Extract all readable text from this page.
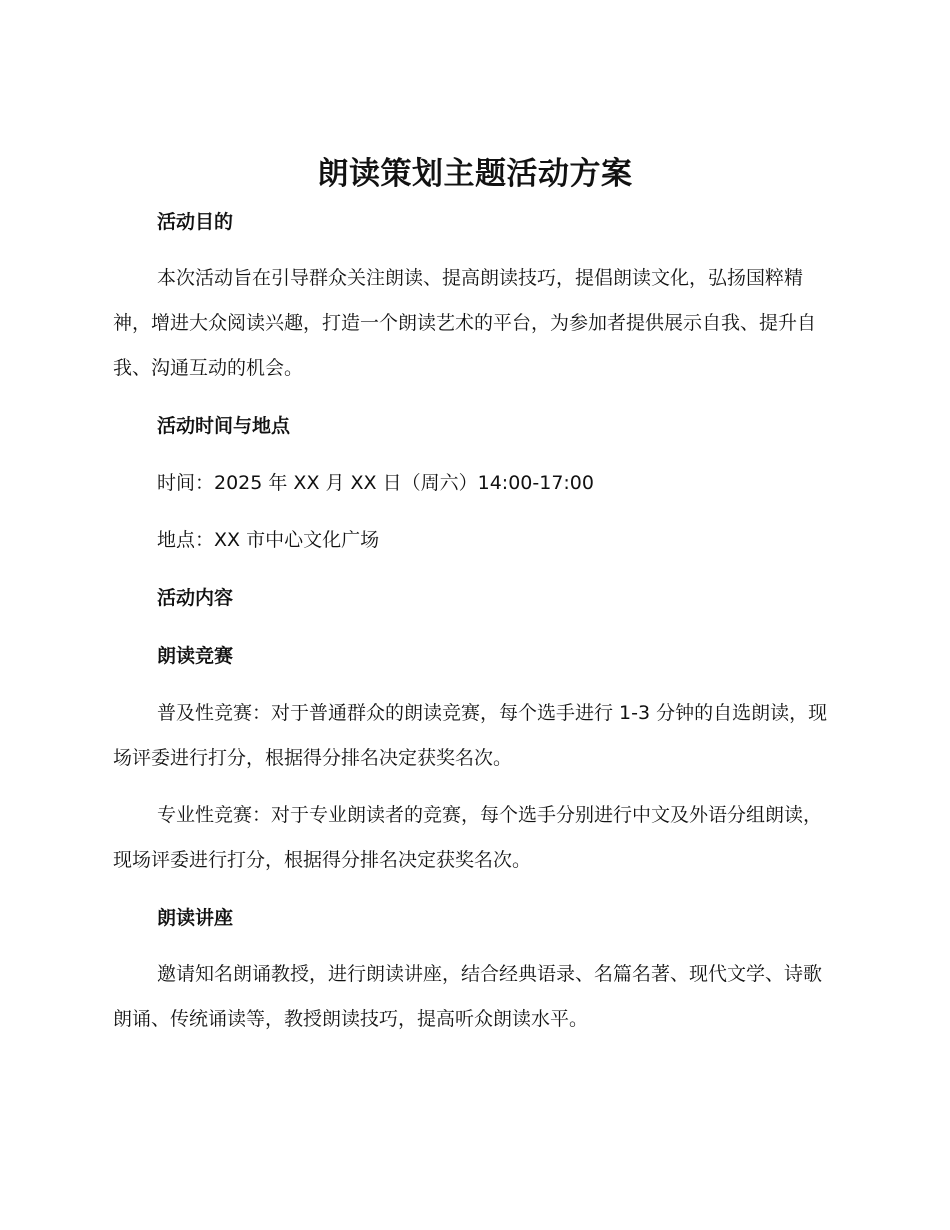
朗读策划主题活动方案
活动目的
本次活动旨在引导群众关注朗读、提高朗读技巧，提倡朗读文化，弘扬国粹精神，增进大众阅读兴趣，打造一个朗读艺术的平台，为参加者提供展示自我、提升自我、沟通互动的机会。
活动时间与地点
时间：2025 年 XX 月 XX 日（周六）14:00-17:00
地点：XX 市中心文化广场
活动内容
朗读竞赛
普及性竞赛：对于普通群众的朗读竞赛，每个选手进行 1-3 分钟的自选朗读，现场评委进行打分，根据得分排名决定获奖名次。
专业性竞赛：对于专业朗读者的竞赛，每个选手分别进行中文及外语分组朗读，现场评委进行打分，根据得分排名决定获奖名次。
朗读讲座
邀请知名朗诵教授，进行朗读讲座，结合经典语录、名篇名著、现代文学、诗歌朗诵、传统诵读等，教授朗读技巧，提高听众朗读水平。
